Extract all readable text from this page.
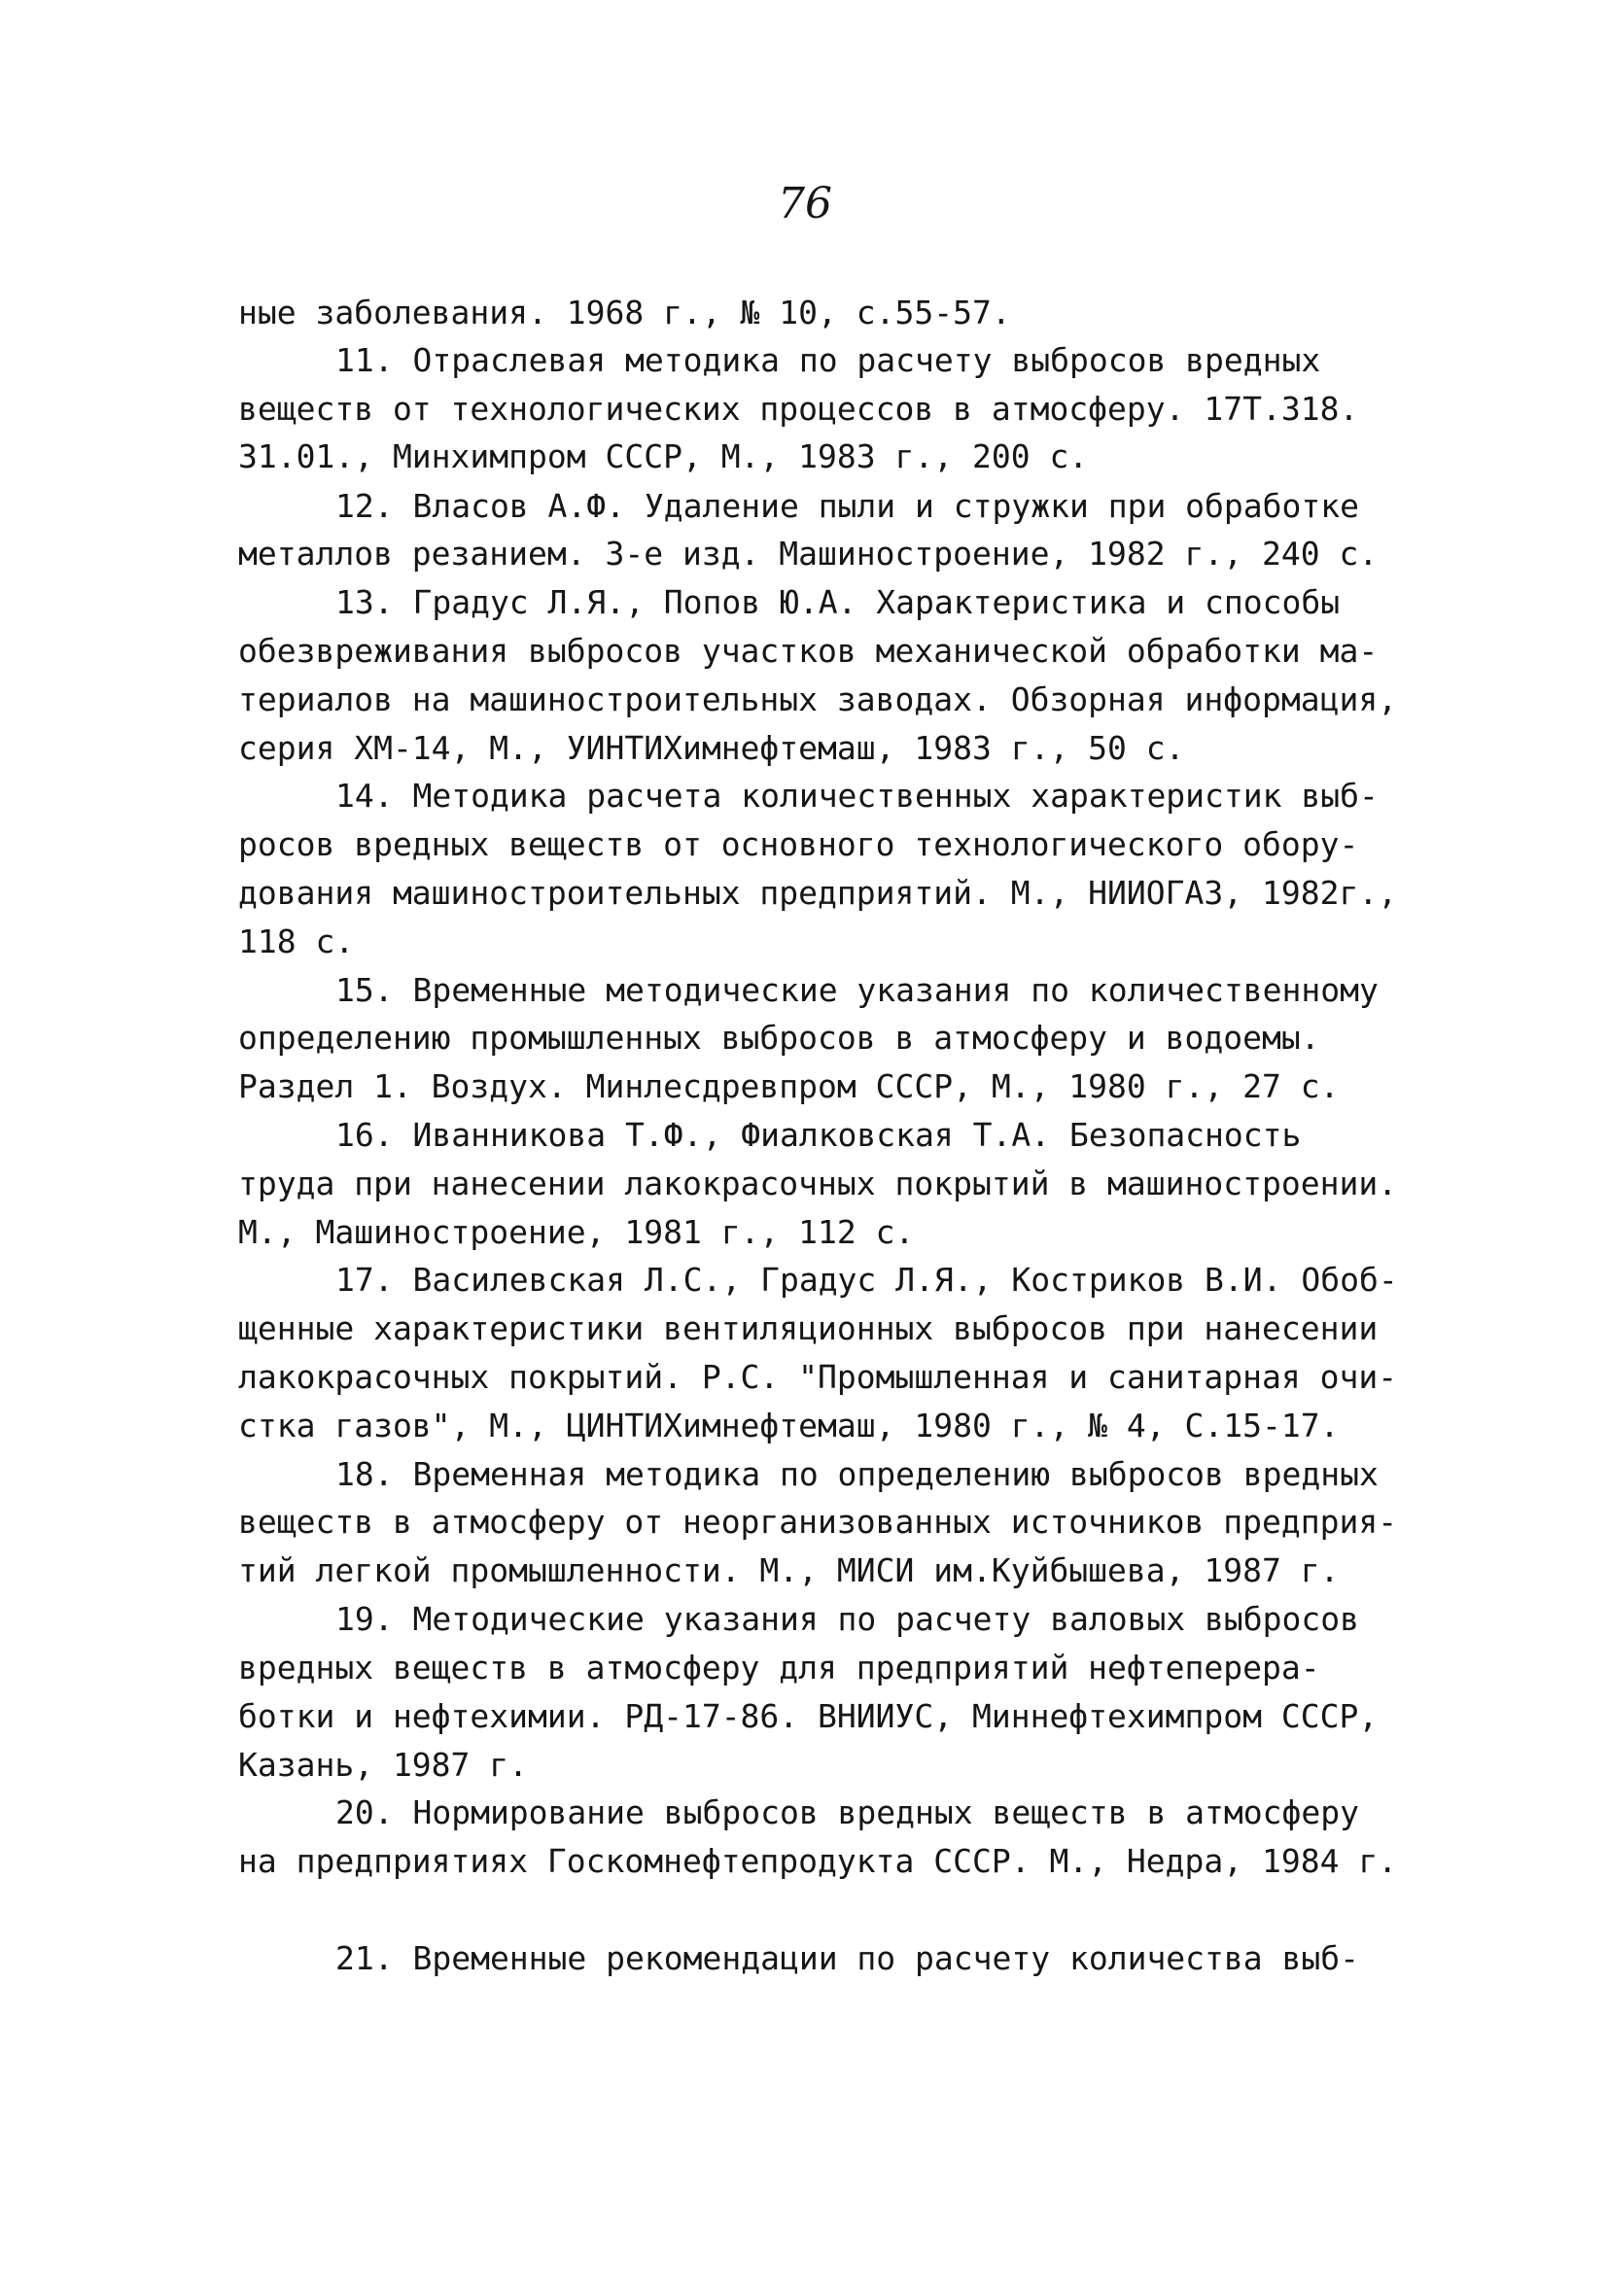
76
ные заболевания. 1968 г., № 10, с.55-57.
11. Отраслевая методика по расчету выбросов вредных
веществ от технологических процессов в атмосферу. 17Т.318.
31.01., Минхимпром СССР, М., 1983 г., 200 с.
12. Власов А.Ф. Удаление пыли и стружки при обработке
металлов резанием. 3-е изд. Машиностроение, 1982 г., 240 с.
13. Градус Л.Я., Попов Ю.А. Характеристика и способы
обезвреживания выбросов участков механической обработки ма-
териалов на машиностроительных заводах. Обзорная информация,
серия ХМ-14, М., УИНТИХимнефтемаш, 1983 г., 50 с.
14. Методика расчета количественных характеристик выб-
росов вредных веществ от основного технологического обору-
дования машиностроительных предприятий. М., НИИОГАЗ, 1982г.,
118 с.
15. Временные методические указания по количественному
определению промышленных выбросов в атмосферу и водоемы.
Раздел 1. Воздух. Минлесдревпром СССР, М., 1980 г., 27 с.
16. Иванникова Т.Ф., Фиалковская Т.А. Безопасность
труда при нанесении лакокрасочных покрытий в машиностроении.
М., Машиностроение, 1981 г., 112 с.
17. Василевская Л.С., Градус Л.Я., Костриков В.И. Обоб-
щенные характеристики вентиляционных выбросов при нанесении
лакокрасочных покрытий. Р.С. "Промышленная и санитарная очи-
стка газов", М., ЦИНТИХимнефтемаш, 1980 г., № 4, С.15-17.
18. Временная методика по определению выбросов вредных
веществ в атмосферу от неорганизованных источников предприя-
тий легкой промышленности. М., МИСИ им.Куйбышева, 1987 г.
19. Методические указания по расчету валовых выбросов
вредных веществ в атмосферу для предприятий нефтеперера-
ботки и нефтехимии. РД-17-86. ВНИИУС, Миннефтехимпром СССР,
Казань, 1987 г.
20. Нормирование выбросов вредных веществ в атмосферу
на предприятиях Госкомнефтепродукта СССР. М., Недра, 1984 г.
21. Временные рекомендации по расчету количества выб-
